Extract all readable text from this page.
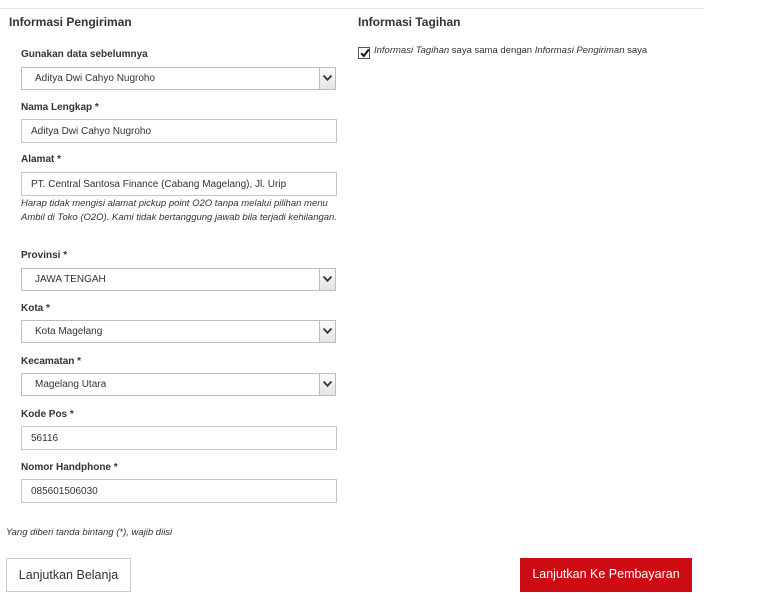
Informasi Pengiriman
Gunakan data sebelumnya
Aditya Dwi Cahyo Nugroho
Nama Lengkap *
Aditya Dwi Cahyo Nugroho
Alamat *
PT. Central Santosa Finance (Cabang Magelang), Jl. Urip
Harap tidak mengisi alamat pickup point O2O tanpa melalui pilihan menu Ambil di Toko (O2O). Kami tidak bertanggung jawab bila terjadi kehilangan.
Provinsi *
JAWA TENGAH
Kota *
Kota Magelang
Kecamatan *
Magelang Utara
Kode Pos *
56116
Nomor Handphone *
085601506030
Yang diberi tanda bintang (*), wajib diisi
Informasi Tagihan
Informasi Tagihan saya sama dengan Informasi Pengiriman saya
Lanjutkan Belanja	Lanjutkan Ke Pembayaran
